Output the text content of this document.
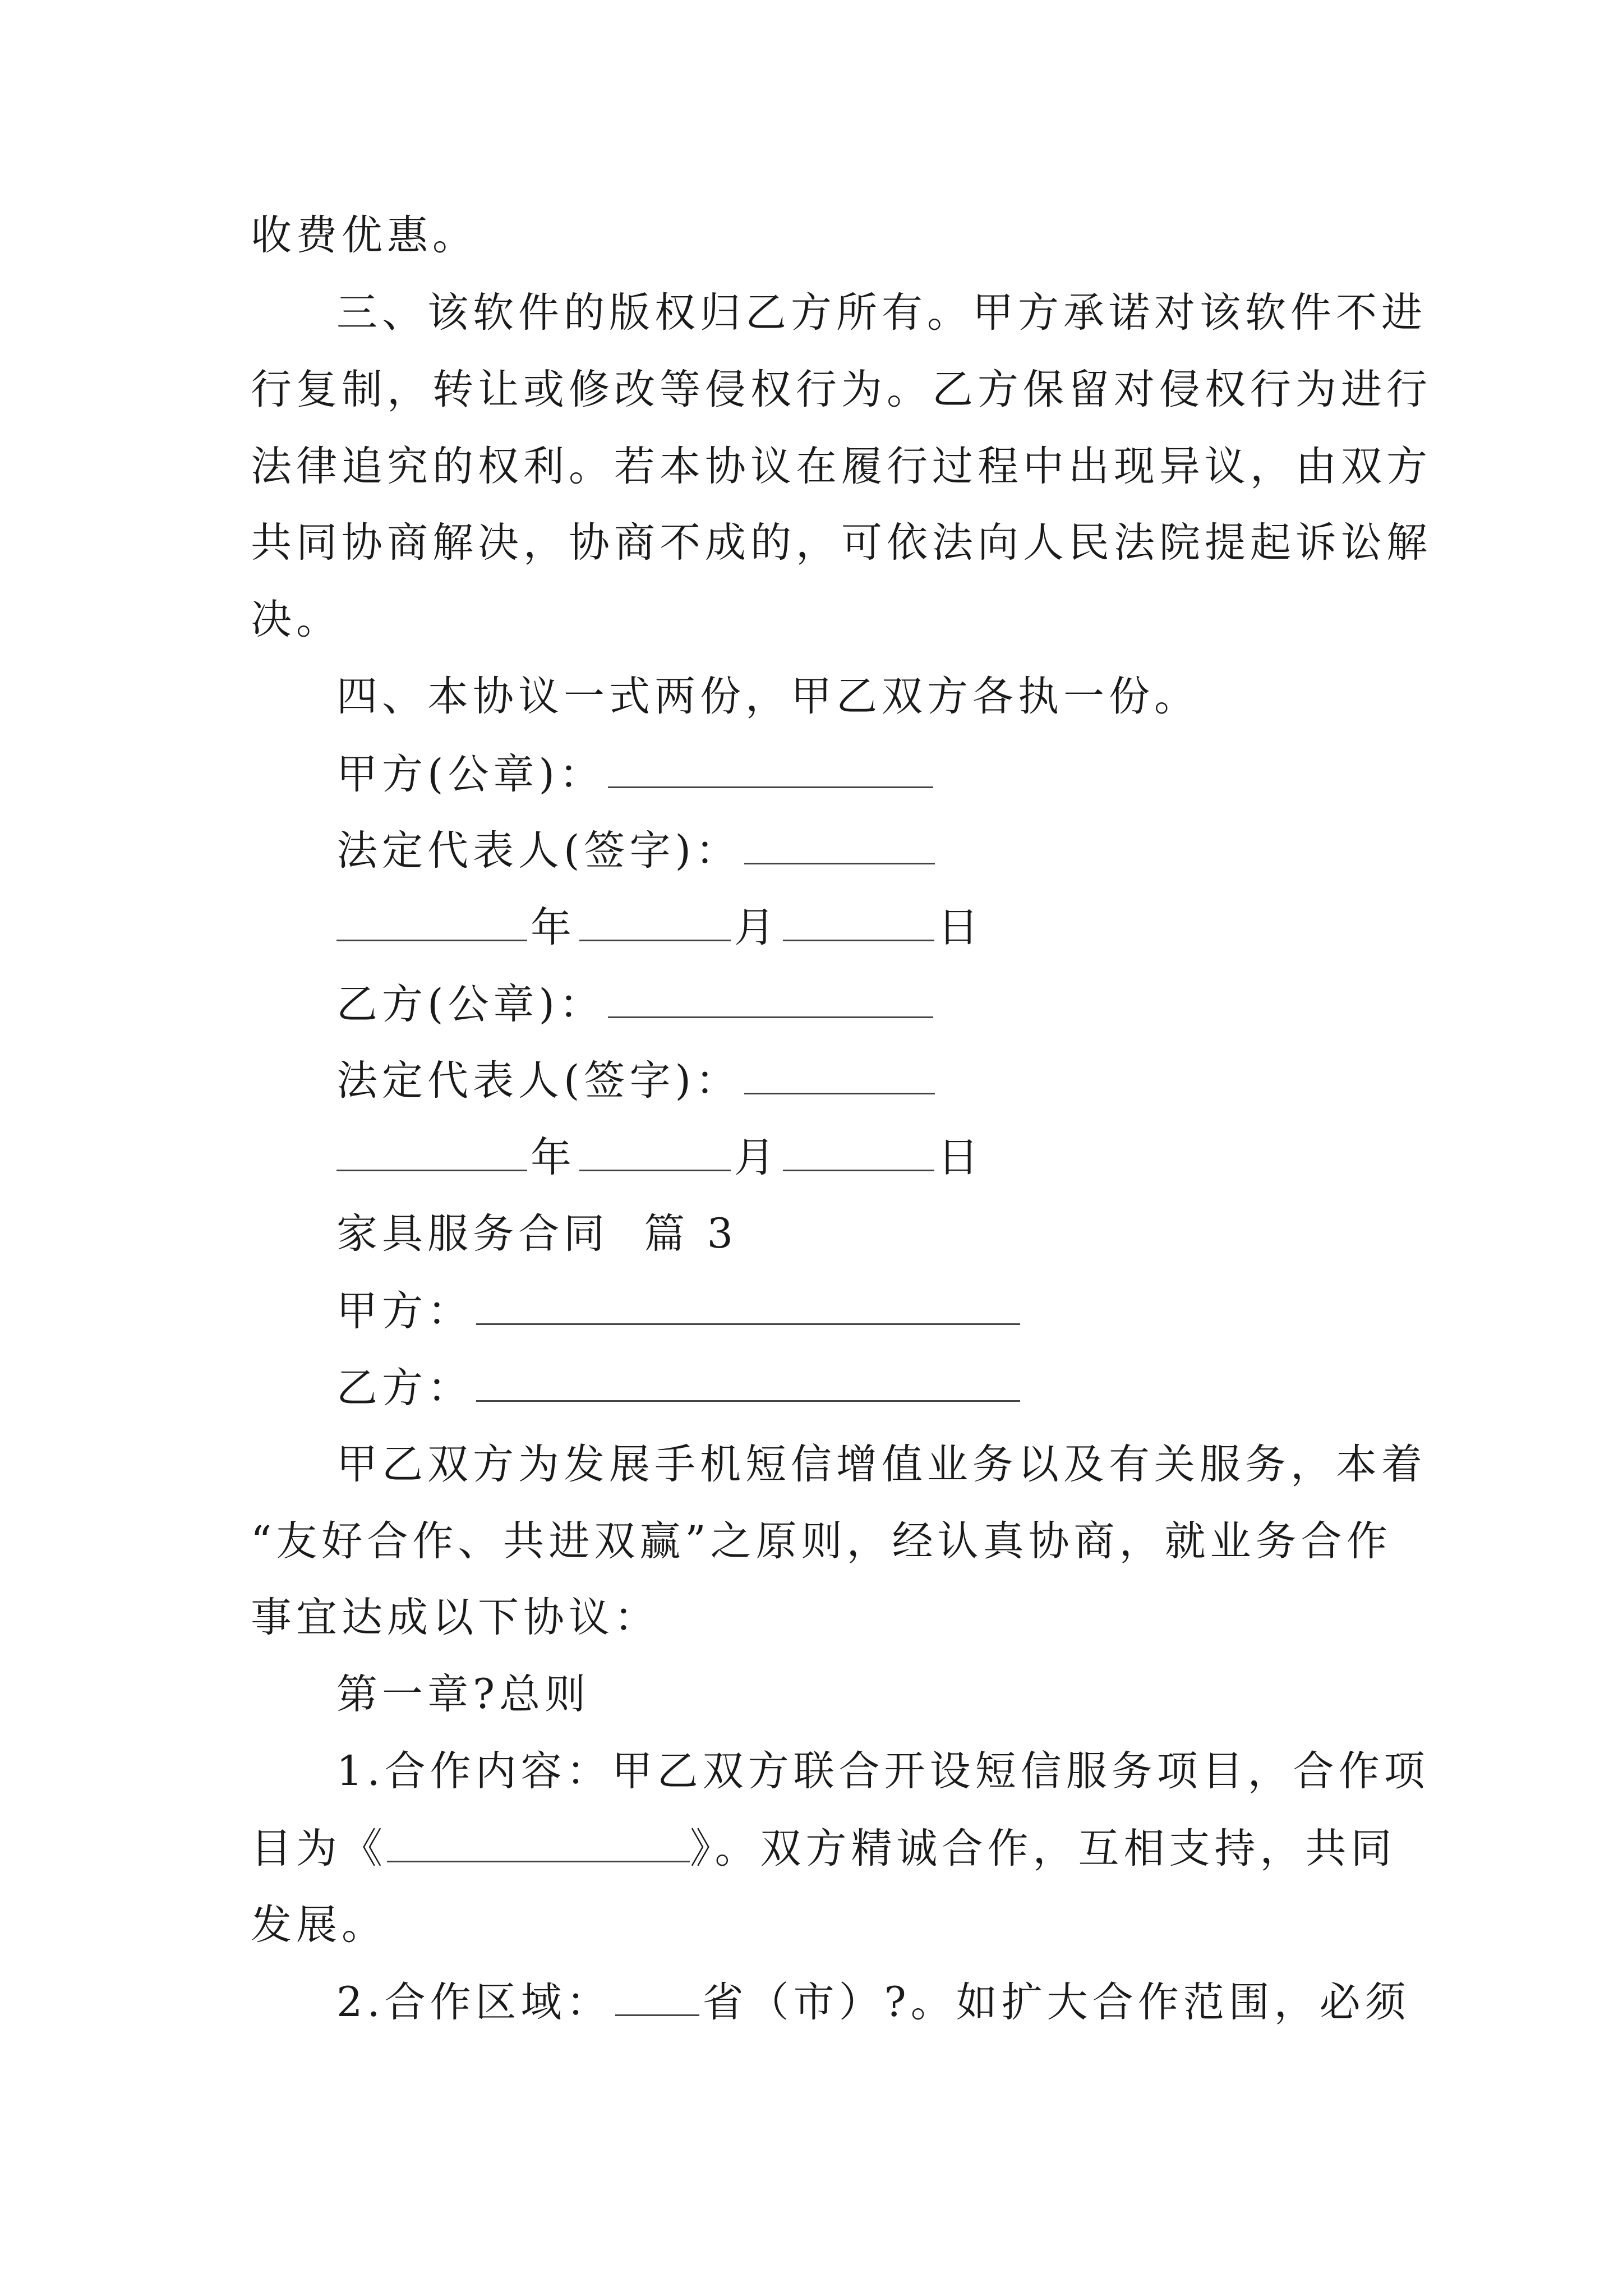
收费优惠。
三、该软件的版权归乙方所有。甲方承诺对该软件不进
行复制，转让或修改等侵权行为。乙方保留对侵权行为进行
法律追究的权利。若本协议在履行过程中出现异议，由双方
共同协商解决，协商不成的，可依法向人民法院提起诉讼解
决。
四、本协议一式两份，甲乙双方各执一份。
甲方(公章)：
法定代表人(签字)：
年	月	日
乙方(公章)：
法定代表人(签字)：
年	月	日
家具服务合同  篇 3
甲方：
乙方：
甲乙双方为发展手机短信增值业务以及有关服务，本着
“友好合作、共进双赢”之原则，经认真协商，就业务合作
事宜达成以下协议：
第一章?总则
1.合作内容：甲乙双方联合开设短信服务项目，合作项
目为《	》。双方精诚合作，互相支持，共同
发展。
2.合作区域： 省（市）?。如扩大合作范围，必须
